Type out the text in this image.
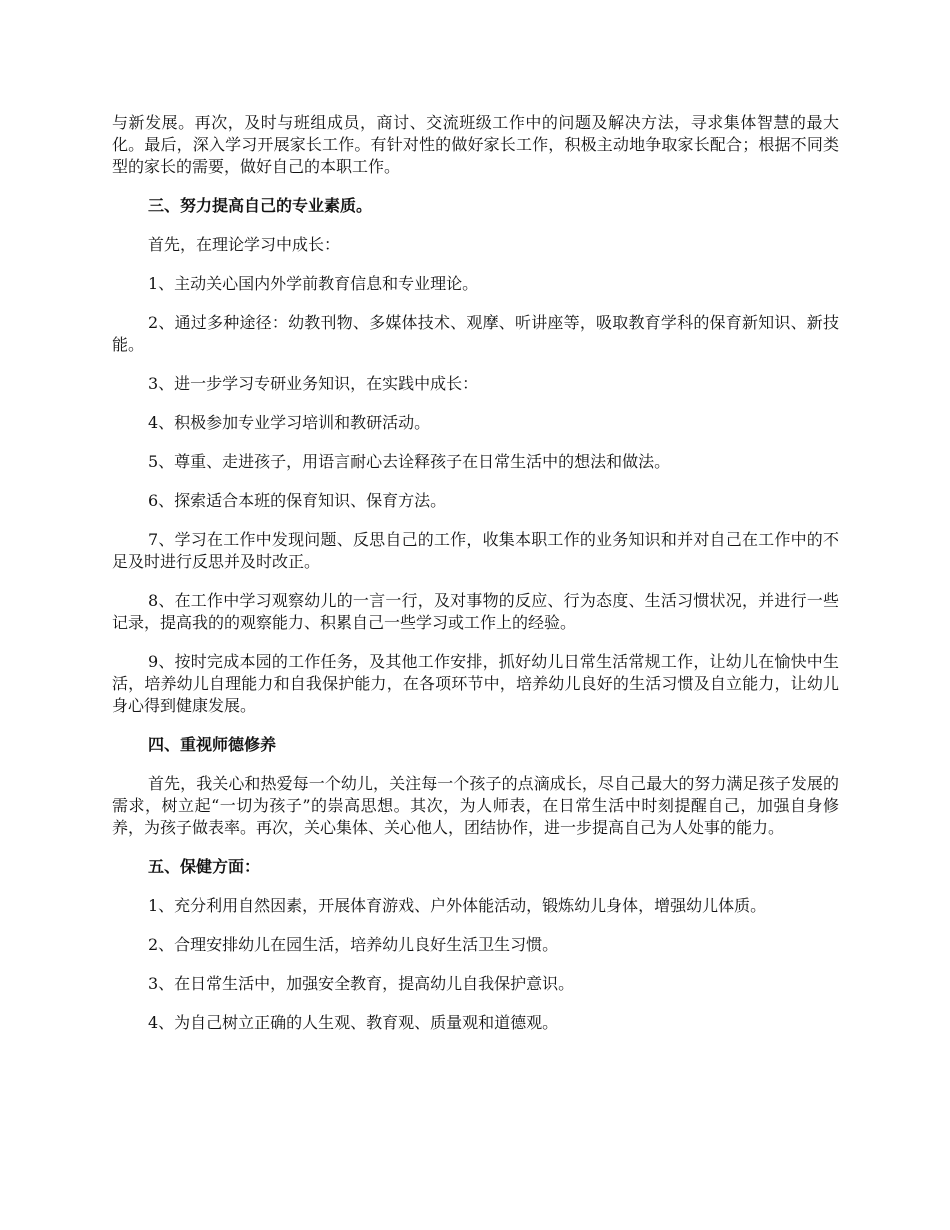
与新发展。再次，及时与班组成员，商讨、交流班级工作中的问题及解决方法，寻求集体智慧的最大化。最后，深入学习开展家长工作。有针对性的做好家长工作，积极主动地争取家长配合；根据不同类型的家长的需要，做好自己的本职工作。

三、努力提高自己的专业素质。

首先，在理论学习中成长：

1、主动关心国内外学前教育信息和专业理论。

2、通过多种途径：幼教刊物、多媒体技术、观摩、听讲座等，吸取教育学科的保育新知识、新技能。

3、进一步学习专研业务知识，在实践中成长：

4、积极参加专业学习培训和教研活动。

5、尊重、走进孩子，用语言耐心去诠释孩子在日常生活中的想法和做法。

6、探索适合本班的保育知识、保育方法。

7、学习在工作中发现问题、反思自己的工作，收集本职工作的业务知识和并对自己在工作中的不足及时进行反思并及时改正。

8、在工作中学习观察幼儿的一言一行，及对事物的反应、行为态度、生活习惯状况，并进行一些记录，提高我的的观察能力、积累自己一些学习或工作上的经验。

9、按时完成本园的工作任务，及其他工作安排，抓好幼儿日常生活常规工作，让幼儿在愉快中生活，培养幼儿自理能力和自我保护能力，在各项环节中，培养幼儿良好的生活习惯及自立能力，让幼儿身心得到健康发展。

四、重视师德修养

首先，我关心和热爱每一个幼儿，关注每一个孩子的点滴成长，尽自己最大的努力满足孩子发展的需求，树立起“一切为孩子”的崇高思想。其次，为人师表，在日常生活中时刻提醒自己，加强自身修养，为孩子做表率。再次，关心集体、关心他人，团结协作，进一步提高自己为人处事的能力。

五、保健方面：

1、充分利用自然因素，开展体育游戏、户外体能活动，锻炼幼儿身体，增强幼儿体质。

2、合理安排幼儿在园生活，培养幼儿良好生活卫生习惯。

3、在日常生活中，加强安全教育，提高幼儿自我保护意识。

4、为自己树立正确的人生观、教育观、质量观和道德观。
